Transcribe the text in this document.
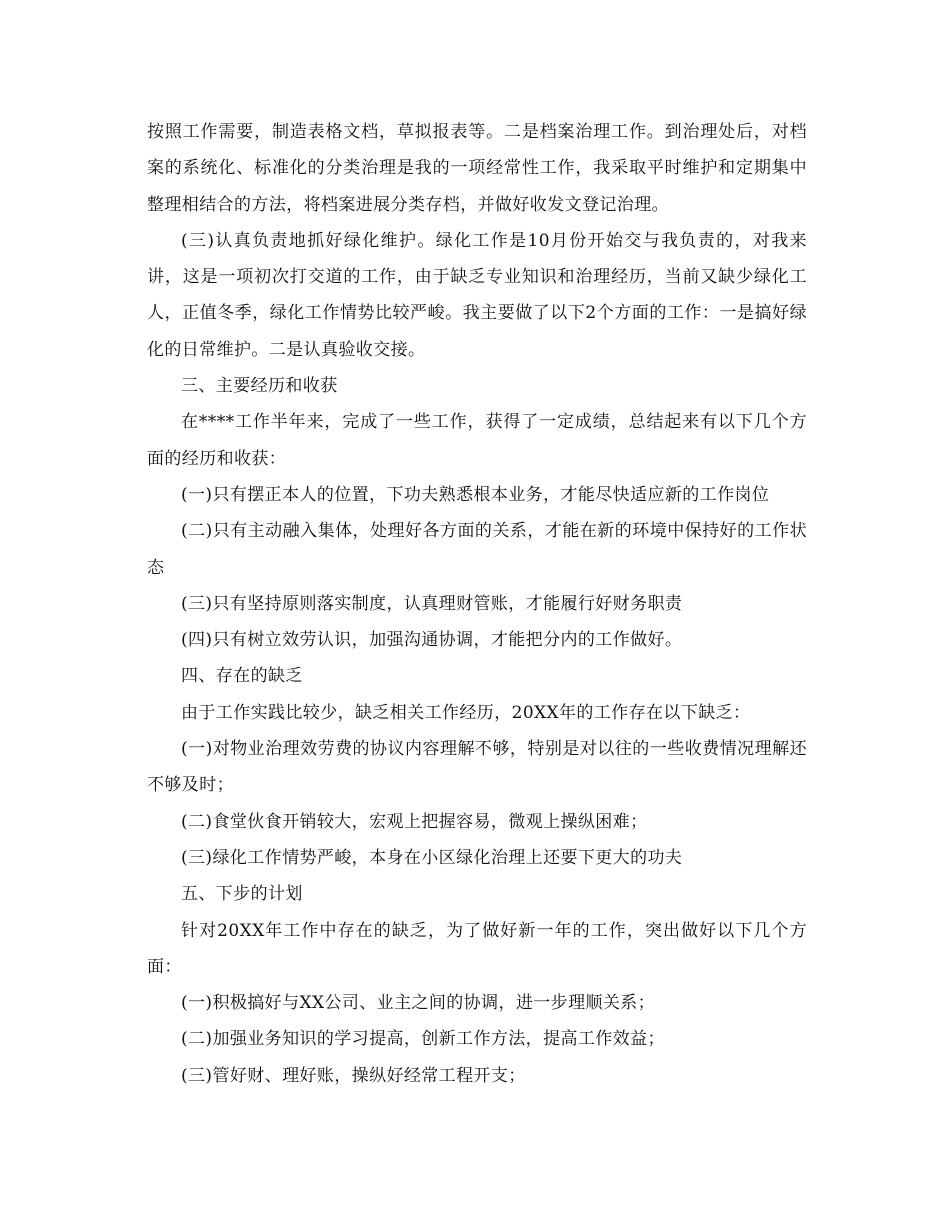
按照工作需要，制造表格文档，草拟报表等。二是档案治理工作。到治理处后，对档案的系统化、标准化的分类治理是我的一项经常性工作，我采取平时维护和定期集中整理相结合的方法，将档案进展分类存档，并做好收发文登记治理。

(三)认真负责地抓好绿化维护。绿化工作是10月份开始交与我负责的，对我来讲，这是一项初次打交道的工作，由于缺乏专业知识和治理经历，当前又缺少绿化工人，正值冬季，绿化工作情势比较严峻。我主要做了以下2个方面的工作：一是搞好绿化的日常维护。二是认真验收交接。

三、主要经历和收获

在****工作半年来，完成了一些工作，获得了一定成绩，总结起来有以下几个方面的经历和收获：

(一)只有摆正本人的位置，下功夫熟悉根本业务，才能尽快适应新的工作岗位

(二)只有主动融入集体，处理好各方面的关系，才能在新的环境中保持好的工作状态

(三)只有坚持原则落实制度，认真理财管账，才能履行好财务职责

(四)只有树立效劳认识，加强沟通协调，才能把分内的工作做好。

四、存在的缺乏

由于工作实践比较少，缺乏相关工作经历，20XX年的工作存在以下缺乏：

(一)对物业治理效劳费的协议内容理解不够，特别是对以往的一些收费情况理解还不够及时；

(二)食堂伙食开销较大，宏观上把握容易，微观上操纵困难；

(三)绿化工作情势严峻，本身在小区绿化治理上还要下更大的功夫

五、下步的计划

针对20XX年工作中存在的缺乏，为了做好新一年的工作，突出做好以下几个方面：

(一)积极搞好与XX公司、业主之间的协调，进一步理顺关系；

(二)加强业务知识的学习提高，创新工作方法，提高工作效益；

(三)管好财、理好账，操纵好经常工程开支；
